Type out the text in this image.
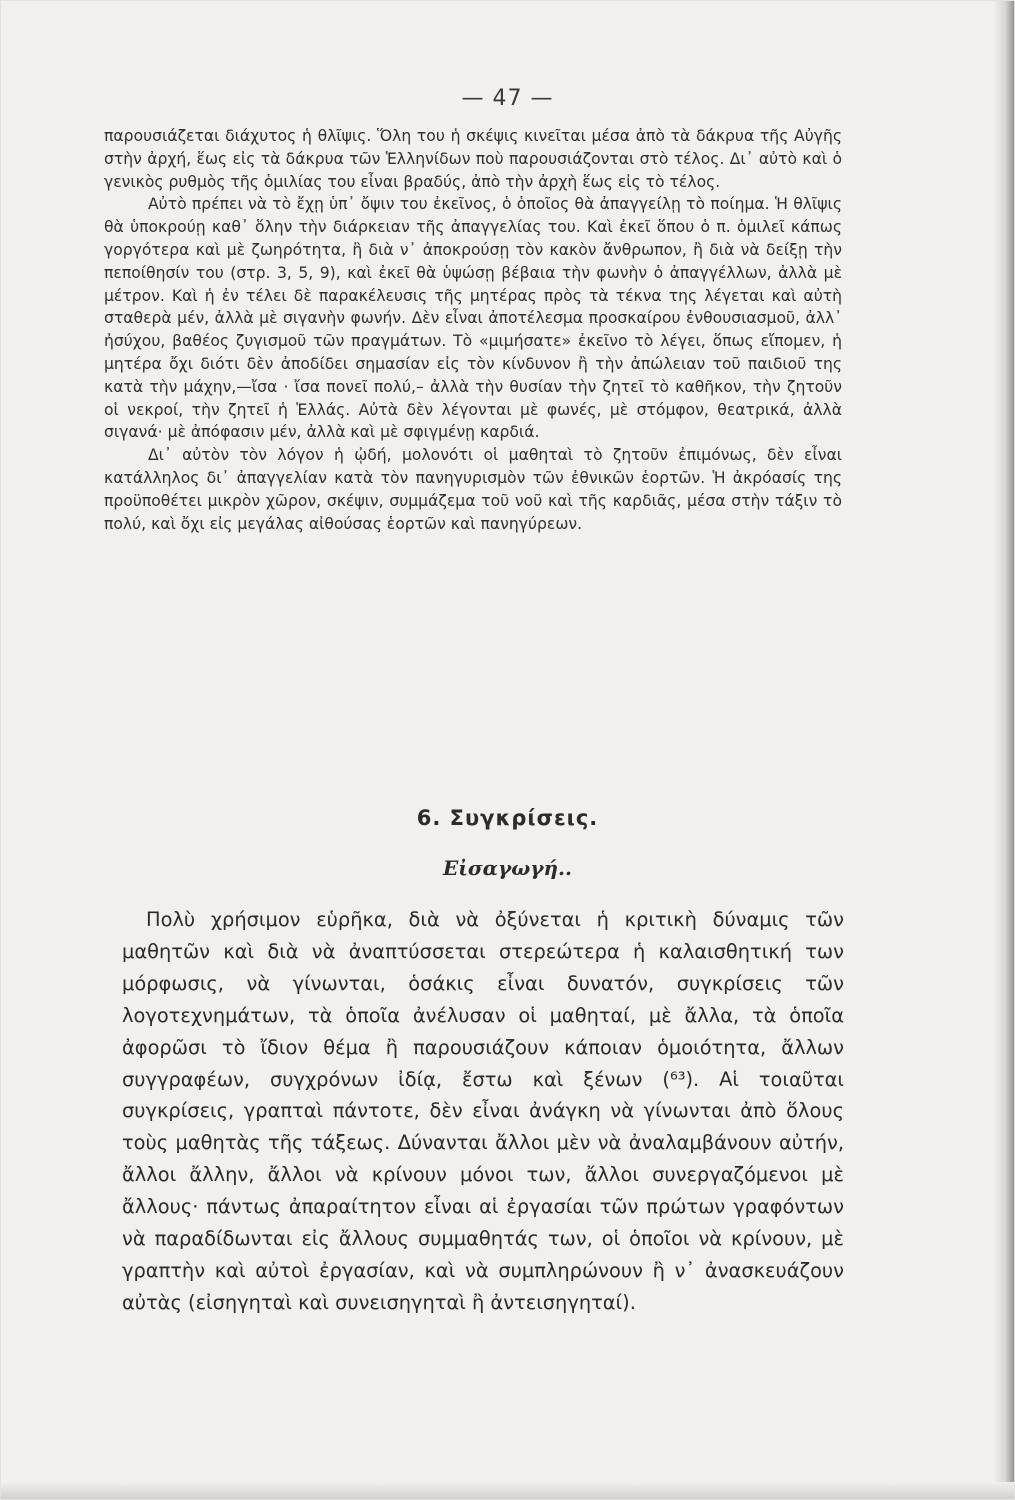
— 47 —

παρουσιάζεται διάχυτος ἡ θλῖψις. Ὅλη του ἡ σκέψις κινεῖται μέσα ἀπὸ τὰ δάκρυα τῆς Αὐγῆς στὴν ἀρχή, ἕως εἰς τὰ δάκρυα τῶν Ἑλληνίδων ποὺ παρουσιάζονται στὸ τέλος. Δι᾽ αὐτὸ καὶ ὁ γενικὸς ρυθμὸς τῆς ὁμιλίας του εἶναι βραδύς, ἀπὸ τὴν ἀρχὴ ἕως εἰς τὸ τέλος.

Αὐτὸ πρέπει νὰ τὸ ἔχῃ ὑπ᾽ ὄψιν του ἐκεῖνος, ὁ ὁποῖος θὰ ἀπαγγείλῃ τὸ ποίημα. Ἡ θλῖψις θὰ ὑποκρούῃ καθ᾽ ὅλην τὴν διάρκειαν τῆς ἀπαγγελίας του. Καὶ ἐκεῖ ὅπου ὁ π. ὁμιλεῖ κάπως γοργότερα καὶ μὲ ζωηρότητα, ἢ διὰ ν᾽ ἀποκρούσῃ τὸν κακὸν ἄνθρωπον, ἢ διὰ νὰ δείξῃ τὴν πεποίθησίν του (στρ. 3, 5, 9), καὶ ἐκεῖ θὰ ὑψώσῃ βέβαια τὴν φωνὴν ὁ ἀπαγγέλλων, ἀλλὰ μὲ μέτρον. Καὶ ἡ ἐν τέλει δὲ παρακέλευσις τῆς μητέρας πρὸς τὰ τέκνα της λέγεται καὶ αὐτὴ σταθερὰ μέν, ἀλλὰ μὲ σιγανὴν φωνήν. Δὲν εἶναι ἀποτέλεσμα προσκαίρου ἐνθουσιασμοῦ, ἀλλ᾽ ἠσύχου, βαθέος ζυγισμοῦ τῶν πραγμάτων. Τὸ «μιμήσατε» ἐκεῖνο τὸ λέγει, ὅπως εἴπομεν, ἡ μητέρα ὄχι διότι δὲν ἀποδίδει σημασίαν εἰς τὸν κίνδυνον ἢ τὴν ἀπώλειαν τοῦ παιδιοῦ της κατὰ τὴν μάχην,—ἴσα · ἴσα πονεῖ πολύ,– ἀλλὰ τὴν θυσίαν τὴν ζητεῖ τὸ καθῆκον, τὴν ζητοῦν οἱ νεκροί, τὴν ζητεῖ ἡ Ἑλλάς. Αὐτὰ δὲν λέγονται μὲ φωνές, μὲ στόμφον, θεατρικά, ἀλλὰ σιγανά· μὲ ἀπόφασιν μέν, ἀλλὰ καὶ μὲ σφιγμένῃ καρδιά.

Δι᾽ αὐτὸν τὸν λόγον ἡ ᾠδή, μολονότι οἱ μαθηταὶ τὸ ζητοῦν ἐπιμόνως, δὲν εἶναι κατάλληλος δι᾽ ἀπαγγελίαν κατὰ τὸν πανηγυρισμὸν τῶν ἐθνικῶν ἑορτῶν. Ἡ ἀκρόασίς της προϋποθέτει μικρὸν χῶρον, σκέψιν, συμμάζεμα τοῦ νοῦ καὶ τῆς καρδιᾶς, μέσα στὴν τάξιν τὸ πολύ, καὶ ὄχι εἰς μεγάλας αἰθούσας ἑορτῶν καὶ πανηγύρεων.

6. Συγκρίσεις.
Εἰσαγωγή..

Πολὺ χρήσιμον εὑρῆκα, διὰ νὰ ὀξύνεται ἡ κριτικὴ δύναμις τῶν μαθητῶν καὶ διὰ νὰ ἀναπτύσσεται στερεώτερα ἡ καλαισθητική των μόρφωσις, νὰ γίνωνται, ὁσάκις εἶναι δυνατόν, συγκρίσεις τῶν λογοτεχνημάτων, τὰ ὁποῖα ἀνέλυσαν οἱ μαθηταί, μὲ ἄλλα, τὰ ὁποῖα ἀφορῶσι τὸ ἴδιον θέμα ἢ παρουσιάζουν κάποιαν ὁμοιότητα, ἄλλων συγγραφέων, συγχρόνων ἰδίᾳ, ἔστω καὶ ξένων (⁶³). Αἱ τοιαῦται συγκρίσεις, γραπταὶ πάντοτε, δὲν εἶναι ἀνάγκη νὰ γίνωνται ἀπὸ ὅλους τοὺς μαθητὰς τῆς τάξεως. Δύνανται ἄλλοι μὲν νὰ ἀναλαμβάνουν αὐτήν, ἄλλοι ἄλλην, ἄλλοι νὰ κρίνουν μόνοι των, ἄλλοι συνεργαζόμενοι μὲ ἄλλους· πάντως ἀπαραίτητον εἶναι αἱ ἐργασίαι τῶν πρώτων γραφόντων νὰ παραδίδωνται εἰς ἄλλους συμμαθητάς των, οἱ ὁποῖοι νὰ κρίνουν, μὲ γραπτὴν καὶ αὐτοὶ ἐργασίαν, καὶ νὰ συμπληρώνουν ἢ ν᾽ ἀνασκευάζουν αὐτὰς (εἰσηγηταὶ καὶ συνεισηγηταὶ ἢ ἀντεισηγηταί).
